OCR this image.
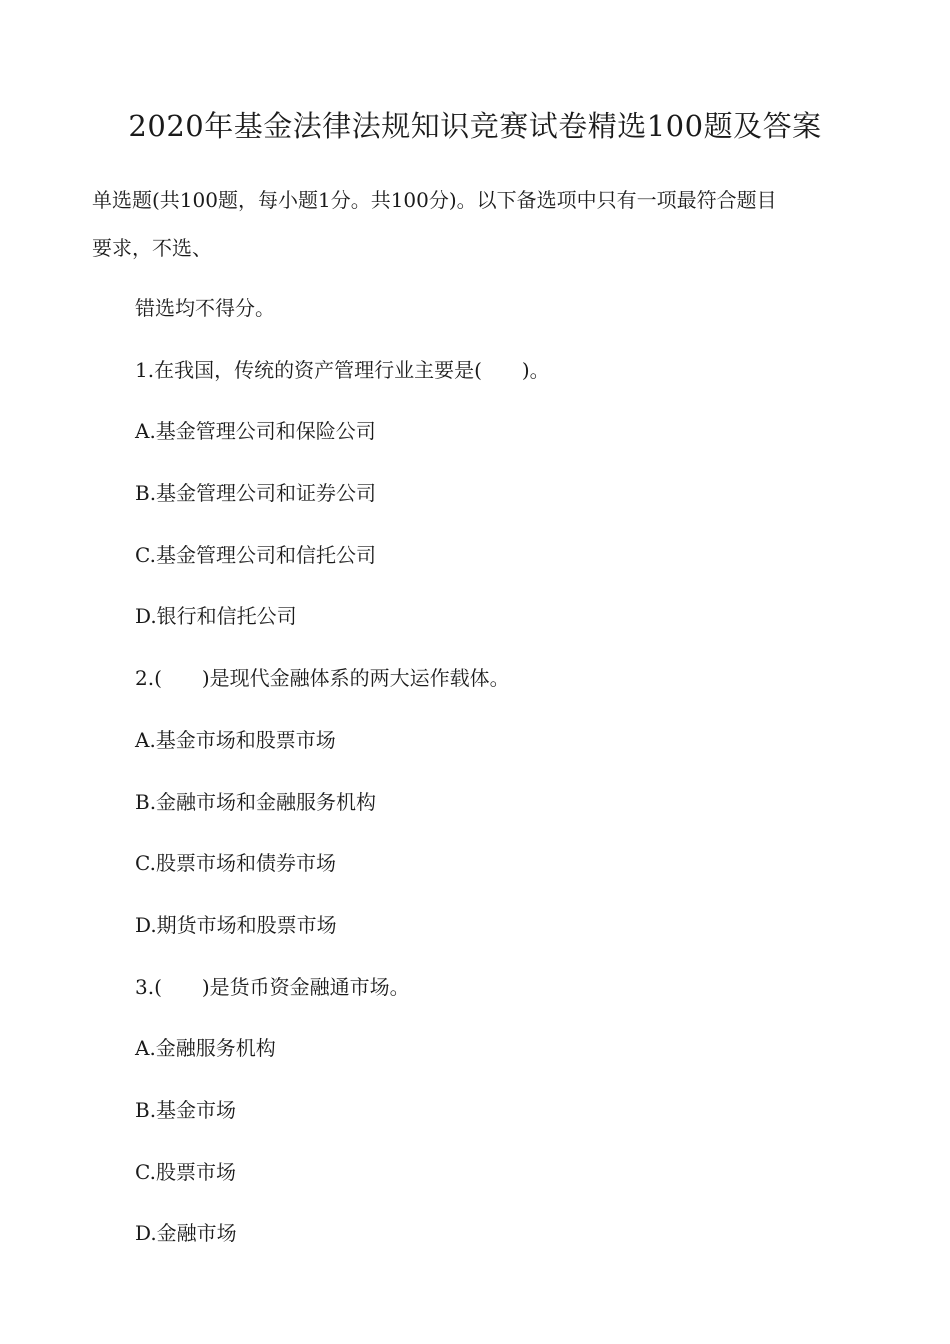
2020年基金法律法规知识竞赛试卷精选100题及答案
单选题(共100题，每小题1分。共100分)。以下备选项中只有一项最符合题目
要求，不选、
错选均不得分。
1.在我国，传统的资产管理行业主要是(　　)。
A.基金管理公司和保险公司
B.基金管理公司和证券公司
C.基金管理公司和信托公司
D.银行和信托公司
2.(　　)是现代金融体系的两大运作载体。
A.基金市场和股票市场
B.金融市场和金融服务机构
C.股票市场和债券市场
D.期货市场和股票市场
3.(　　)是货币资金融通市场。
A.金融服务机构
B.基金市场
C.股票市场
D.金融市场
